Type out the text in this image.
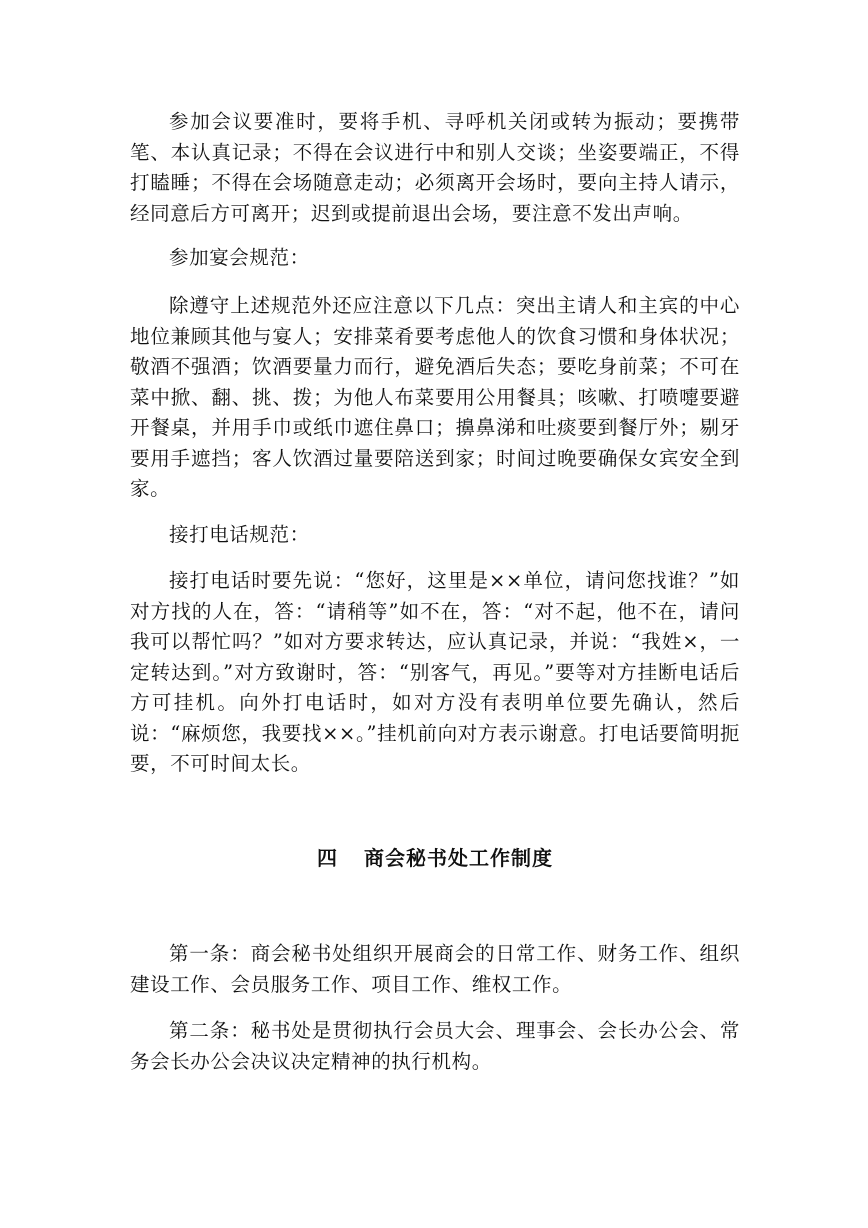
参加会议要准时，要将手机、寻呼机关闭或转为振动；要携带笔、本认真记录；不得在会议进行中和别人交谈；坐姿要端正，不得打瞌睡；不得在会场随意走动；必须离开会场时，要向主持人请示，经同意后方可离开；迟到或提前退出会场，要注意不发出声响。

参加宴会规范：

除遵守上述规范外还应注意以下几点：突出主请人和主宾的中心地位兼顾其他与宴人；安排菜肴要考虑他人的饮食习惯和身体状况；敬酒不强酒；饮酒要量力而行，避免酒后失态；要吃身前菜；不可在菜中掀、翻、挑、拨；为他人布菜要用公用餐具；咳嗽、打喷嚏要避开餐桌，并用手巾或纸巾遮住鼻口；擤鼻涕和吐痰要到餐厅外；剔牙要用手遮挡；客人饮酒过量要陪送到家；时间过晚要确保女宾安全到家。

接打电话规范：

接打电话时要先说：“您好，这里是××单位，请问您找谁？”如对方找的人在，答：“请稍等”如不在，答：“对不起，他不在，请问我可以帮忙吗？”如对方要求转达，应认真记录，并说：“我姓×，一定转达到。”对方致谢时，答：“别客气，再见。”要等对方挂断电话后方可挂机。向外打电话时，如对方没有表明单位要先确认，然后说：“麻烦您，我要找××。”挂机前向对方表示谢意。打电话要简明扼要，不可时间太长。

四 商会秘书处工作制度

第一条：商会秘书处组织开展商会的日常工作、财务工作、组织建设工作、会员服务工作、项目工作、维权工作。

第二条：秘书处是贯彻执行会员大会、理事会、会长办公会、常务会长办公会决议决定精神的执行机构。
